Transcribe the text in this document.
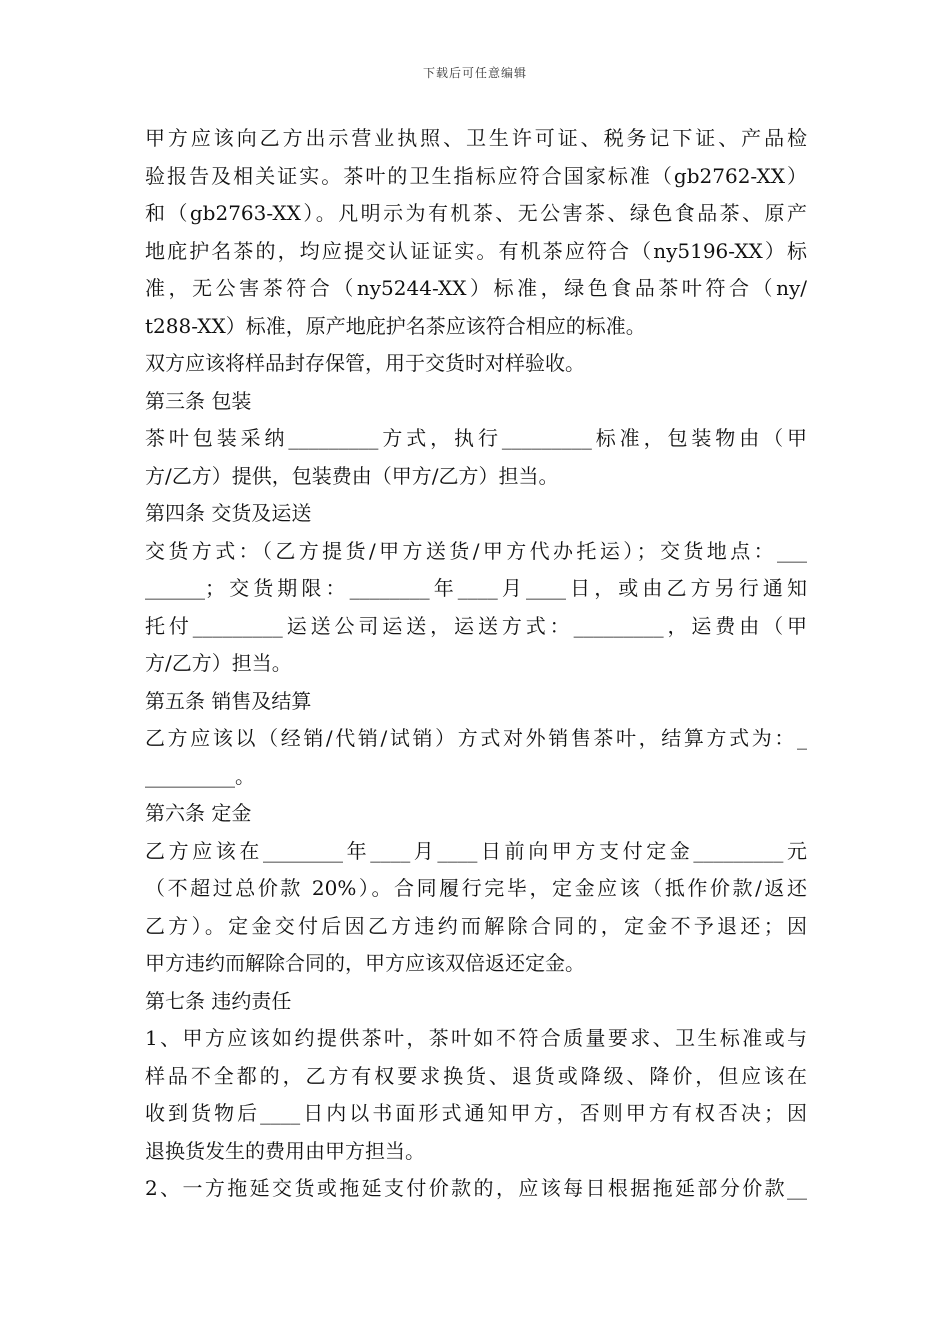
下载后可任意编辑
甲方应该向乙方出示营业执照、卫生许可证、税务记下证、产品检
验报告及相关证实。茶叶的卫生指标应符合国家标准（gb2762-XX）
和（gb2763-XX）。凡明示为有机茶、无公害茶、绿色食品茶、原产
地庇护名茶的，均应提交认证证实。有机茶应符合（ny5196-XX）标
准，无公害茶符合（ny5244-XX）标准，绿色食品茶叶符合（ny/
t288-XX）标准，原产地庇护名茶应该符合相应的标准。
双方应该将样品封存保管，用于交货时对样验收。
第三条 包装
茶叶包装采纳_________方式，执行_________标准，包装物由（甲
方/乙方）提供，包装费由（甲方/乙方）担当。
第四条 交货及运送
交货方式：（乙方提货/甲方送货/甲方代办托运）；交货地点：___
______；交货期限：________年____月____日，或由乙方另行通知
托付_________运送公司运送，运送方式：_________，运费由（甲
方/乙方）担当。
第五条 销售及结算
乙方应该以（经销/代销/试销）方式对外销售茶叶，结算方式为：_
_________。
第六条 定金
乙方应该在________年____月____日前向甲方支付定金_________元
（不超过总价款 20%）。合同履行完毕，定金应该（抵作价款/返还
乙方）。定金交付后因乙方违约而解除合同的，定金不予退还；因
甲方违约而解除合同的，甲方应该双倍返还定金。
第七条 违约责任
1、甲方应该如约提供茶叶，茶叶如不符合质量要求、卫生标准或与
样品不全都的，乙方有权要求换货、退货或降级、降价，但应该在
收到货物后____日内以书面形式通知甲方，否则甲方有权否决；因
退换货发生的费用由甲方担当。
2、一方拖延交货或拖延支付价款的，应该每日根据拖延部分价款__
